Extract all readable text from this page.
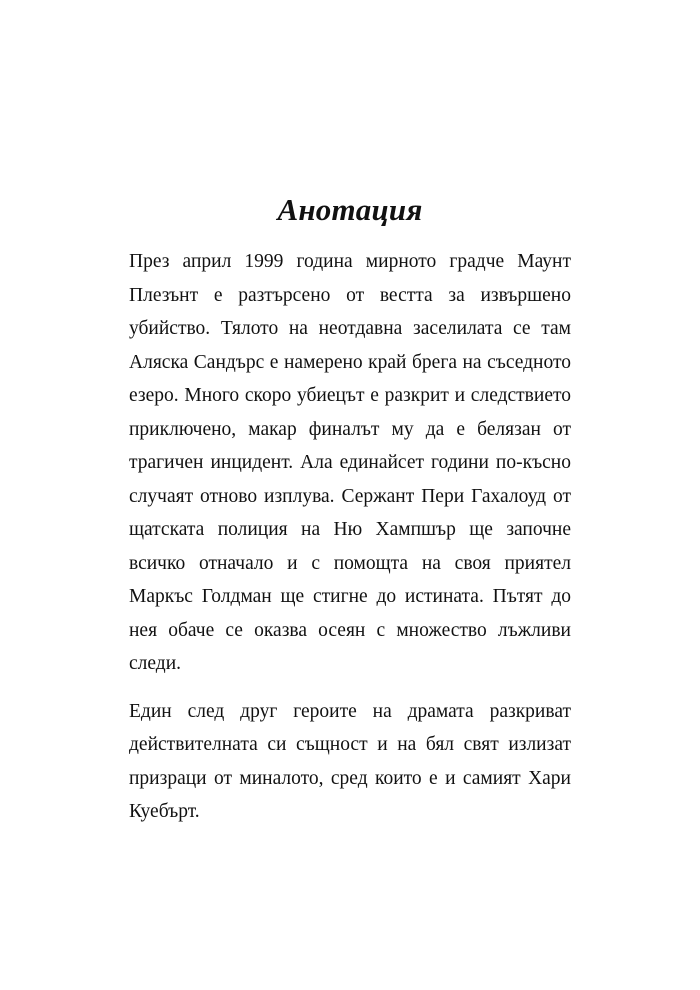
Анотация

През април 1999 година мирното градче Маунт Плезънт е разтърсено от вестта за извършено убийство. Тялото на неотдавна заселилата се там Аляска Сандърс е намерено край брега на съседното езеро. Много скоро убиецът е разкрит и следствието приключено, макар финалът му да е белязан от трагичен инцидент. Ала единайсет години по-късно случаят отново изплува. Сержант Пери Гахалоуд от щатската полиция на Ню Хампшър ще започне всичко отначало и с помощта на своя приятел Маркъс Голдман ще стигне до истината. Пътят до нея обаче се оказва осеян с множество лъжливи следи.

Един след друг героите на драмата разкриват действителната си същност и на бял свят излизат призраци от миналото, сред които е и самият Хари Куебърт.
